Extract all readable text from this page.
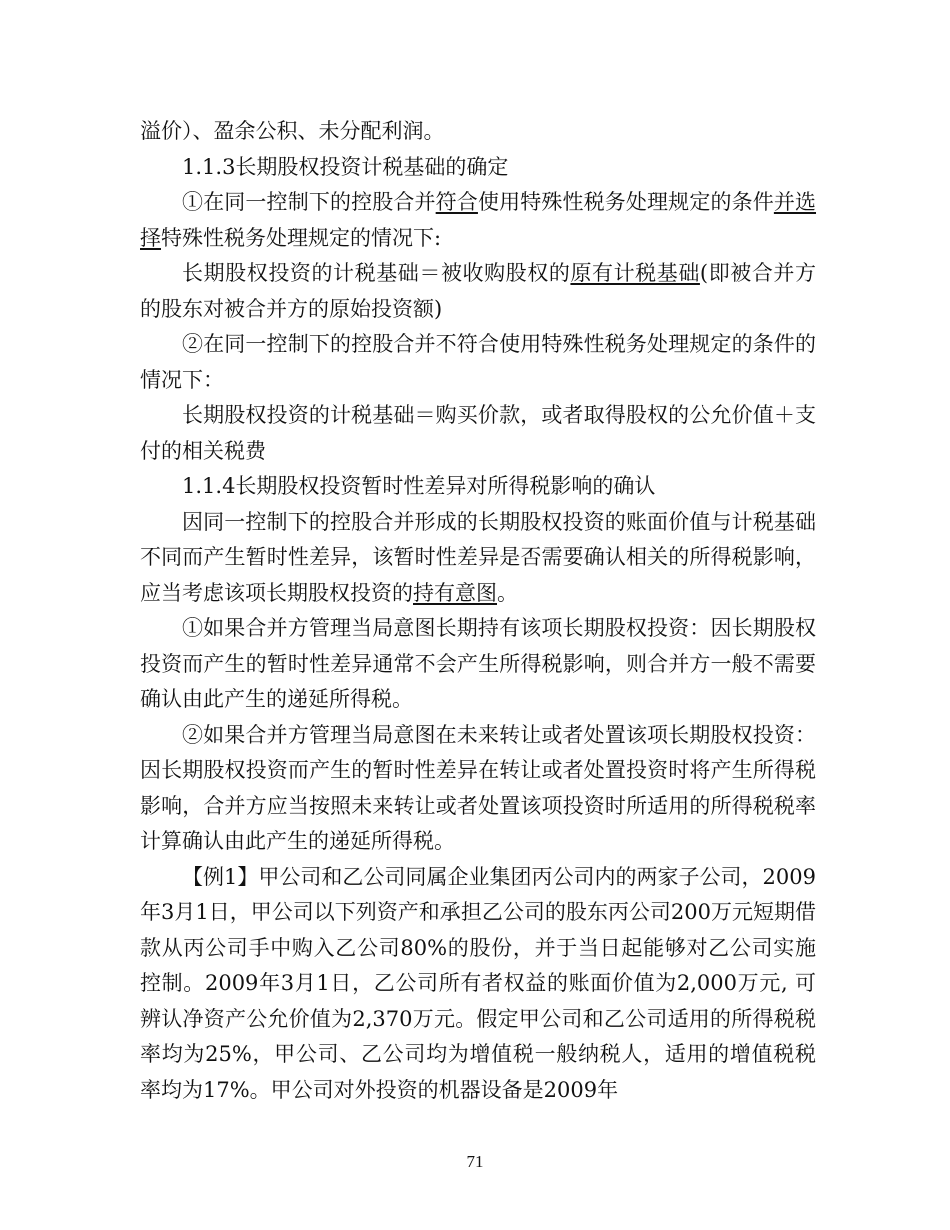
溢价）、盈余公积、未分配利润。

1.1.3长期股权投资计税基础的确定

①在同一控制下的控股合并符合使用特殊性税务处理规定的条件并选择特殊性税务处理规定的情况下:

长期股权投资的计税基础＝被收购股权的原有计税基础(即被合并方的股东对被合并方的原始投资额)

②在同一控制下的控股合并不符合使用特殊性税务处理规定的条件的情况下：

长期股权投资的计税基础＝购买价款，或者取得股权的公允价值＋支付的相关税费

1.1.4长期股权投资暂时性差异对所得税影响的确认

因同一控制下的控股合并形成的长期股权投资的账面价值与计税基础不同而产生暂时性差异，该暂时性差异是否需要确认相关的所得税影响，应当考虑该项长期股权投资的持有意图。

①如果合并方管理当局意图长期持有该项长期股权投资：因长期股权投资而产生的暂时性差异通常不会产生所得税影响，则合并方一般不需要确认由此产生的递延所得税。

②如果合并方管理当局意图在未来转让或者处置该项长期股权投资：因长期股权投资而产生的暂时性差异在转让或者处置投资时将产生所得税影响，合并方应当按照未来转让或者处置该项投资时所适用的所得税税率计算确认由此产生的递延所得税。

【例1】甲公司和乙公司同属企业集团丙公司内的两家子公司，2009年3月1日，甲公司以下列资产和承担乙公司的股东丙公司200万元短期借款从丙公司手中购入乙公司80%的股份，并于当日起能够对乙公司实施控制。2009年3月1日，乙公司所有者权益的账面价值为2,000万元, 可辨认净资产公允价值为2,370万元。假定甲公司和乙公司适用的所得税税率均为25%，甲公司、乙公司均为增值税一般纳税人，适用的增值税税率均为17%。甲公司对外投资的机器设备是2009年

71
